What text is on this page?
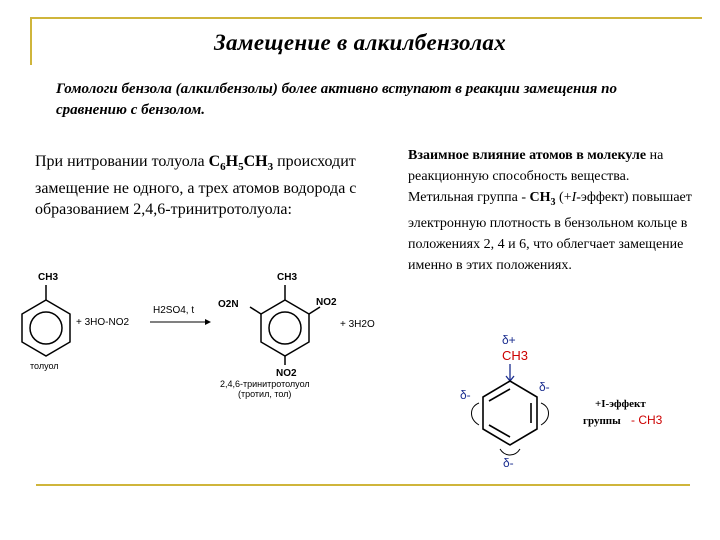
Замещение в алкилбензолах
Гомологи бензола (алкилбензолы) более активно вступают в реакции замещения по сравнению с бензолом.
При нитровании толуола $C_6H_5CH_3$ происходит замещение не одного, а трех атомов водорода с образованием 2,4,6-тринитротолуола:
CH3
+ 3HO-NO2
толуол
H2SO4, t
CH3
O2N	NO2
NO2
+ 3H2O
2,4,6-тринитротолуол
(тротил, тол)
Взаимное влияние атомов в молекуле на реакционную способность вещества.
Метильная группа - $CH_3$ (+I-эффект) повышает электронную плотность в бензольном кольце в положениях 2, 4 и 6, что облегчает замещение именно в этих положениях.
δ+
CH3
δ-
δ-
δ-
+I-эффект
группы - CH3
